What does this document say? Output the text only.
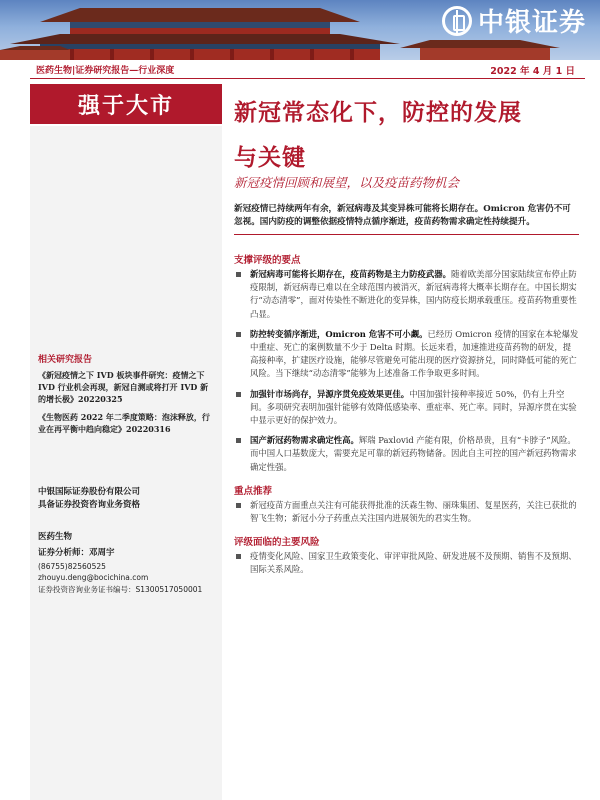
中银证券
医药生物|证券研究报告—行业深度	2022 年 4 月 1 日
强于大市
相关研究报告

《新冠疫情之下 IVD 板块事件研究：疫情之下 IVD 行业机会再现，新冠自测或将打开 IVD 新的增长极》20220325

《生物医药 2022 年二季度策略：泡沫释放，行业在再平衡中趋向稳定》20220316

中银国际证券股份有限公司
具备证券投资咨询业务资格
医药生物
证券分析师：邓周宇
(86755)82560525
zhouyu.deng@bocichina.com
证券投资咨询业务证书编号：S1300517050001
新冠常态化下，防控的发展
与关键
新冠疫情回顾和展望，以及疫苗药物机会
新冠疫情已持续两年有余，新冠病毒及其变异株可能将长期存在。Omicron 危害仍不可忽视。国内防疫的调整依据疫情特点循序渐进，疫苗药物需求确定性持续提升。
支撑评级的要点
新冠病毒可能将长期存在，疫苗药物是主力防疫武器。随着欧美部分国家陆续宣布停止防疫限制，新冠病毒已难以在全球范围内被消灭，新冠病毒将大概率长期存在。中国长期实行“动态清零”，面对传染性不断进化的变异株，国内防疫长期承载重压。疫苗药物重要性凸显。
防控转变循序渐进，Omicron 危害不可小觑。已经历 Omicron 疫情的国家在本轮爆发中重症、死亡的案例数量不少于 Delta 时期。长远来看，加速推进疫苗药物的研发，提高接种率，扩建医疗设施，能够尽管避免可能出现的医疗资源挤兑，同时降低可能的死亡风险。当下继续“动态清零”能够为上述准备工作争取更多时间。
加强针市场尚存，异源序贯免疫效果更佳。中国加强针接种率接近 50%，仍有上升空间。多项研究表明加强针能够有效降低感染率、重症率、死亡率。同时，异源序贯在实验中显示更好的保护效力。
国产新冠药物需求确定性高。辉瑞 Paxlovid 产能有限，价格昂贵，且有“卡脖子”风险。而中国人口基数庞大，需要充足可靠的新冠药物储备。因此自主可控的国产新冠药物需求确定性强。
重点推荐
新冠疫苗方面重点关注有可能获得批准的沃森生物、丽珠集团、复星医药，关注已获批的智飞生物；新冠小分子药重点关注国内进展领先的君实生物。
评级面临的主要风险
疫情变化风险、国家卫生政策变化、审评审批风险、研发进展不及预期、销售不及预期、国际关系风险。
